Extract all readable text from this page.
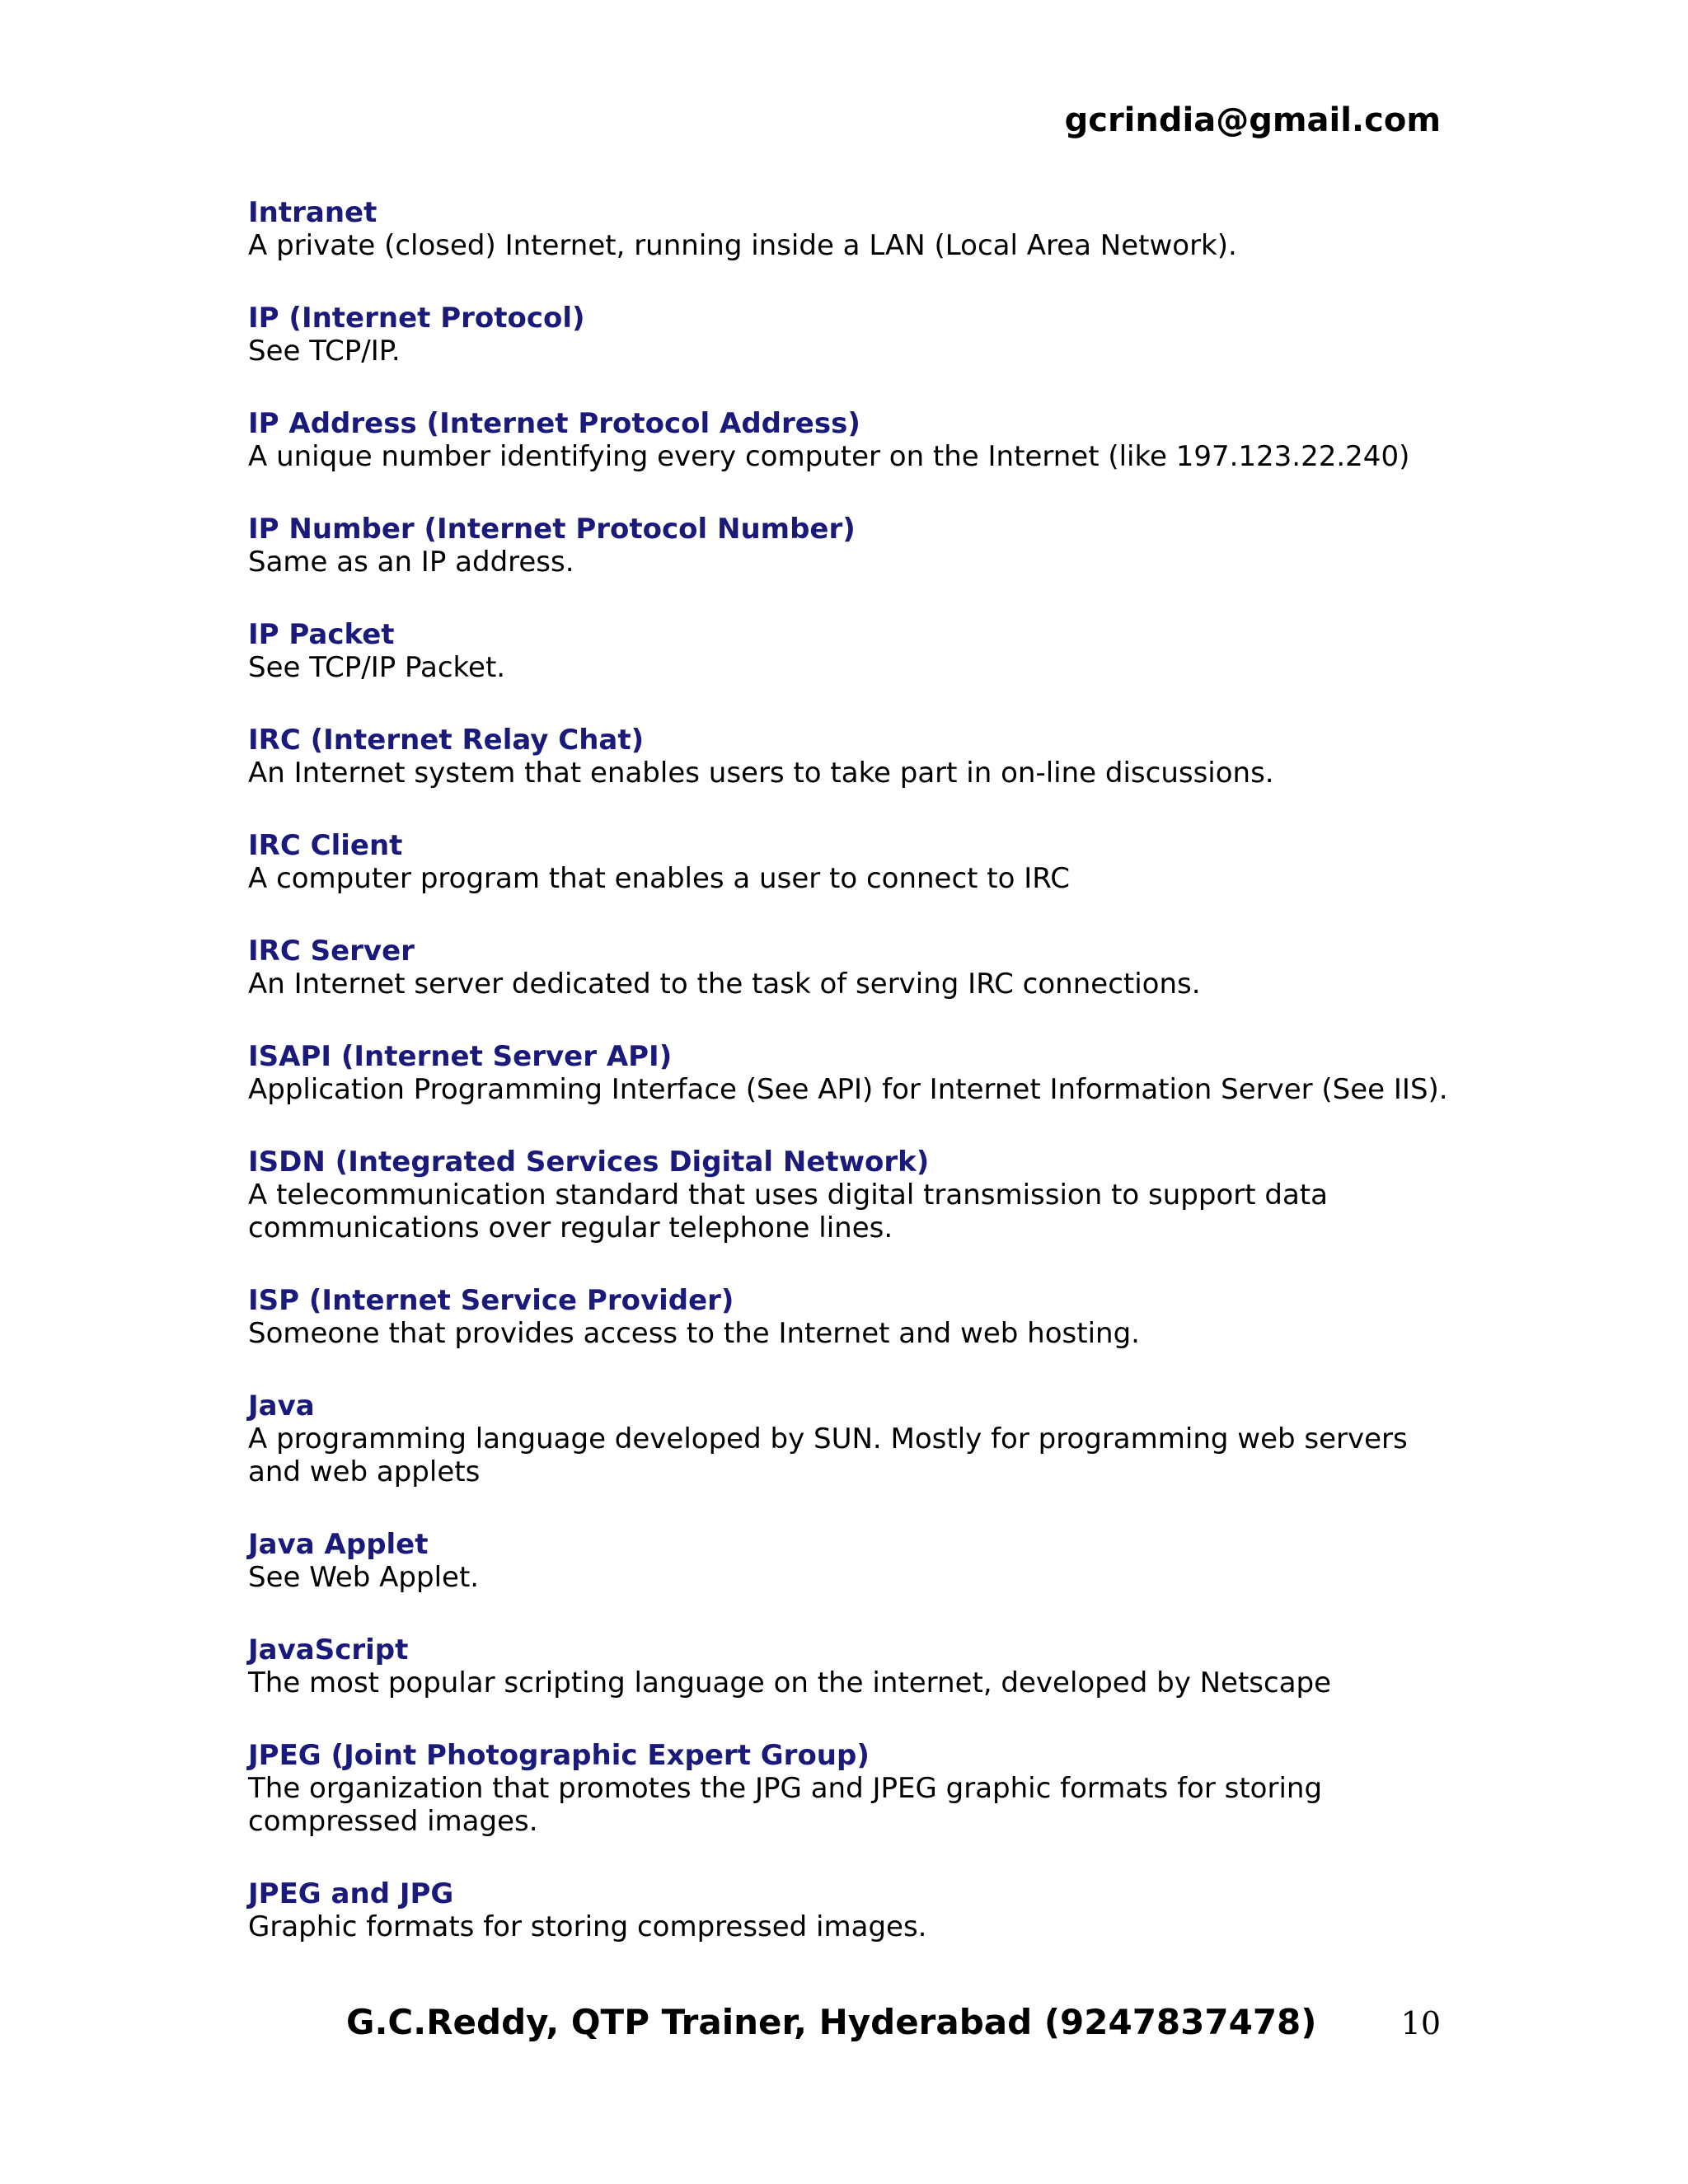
gcrindia@gmail.com
Intranet
A private (closed) Internet, running inside a LAN (Local Area Network).
IP (Internet Protocol)
See TCP/IP.
IP Address (Internet Protocol Address)
A unique number identifying every computer on the Internet (like 197.123.22.240)
IP Number (Internet Protocol Number)
Same as an IP address.
IP Packet
See TCP/IP Packet.
IRC (Internet Relay Chat)
An Internet system that enables users to take part in on-line discussions.
IRC Client
A computer program that enables a user to connect to IRC
IRC Server
An Internet server dedicated to the task of serving IRC connections.
ISAPI (Internet Server API)
Application Programming Interface (See API) for Internet Information Server (See IIS).
ISDN (Integrated Services Digital Network)
A telecommunication standard that uses digital transmission to support data communications over regular telephone lines.
ISP (Internet Service Provider)
Someone that provides access to the Internet and web hosting.
Java
A programming language developed by SUN. Mostly for programming web servers and web applets
Java Applet
See Web Applet.
JavaScript
The most popular scripting language on the internet, developed by Netscape
JPEG (Joint Photographic Expert Group)
The organization that promotes the JPG and JPEG graphic formats for storing compressed images.
JPEG and JPG
Graphic formats for storing compressed images.
G.C.Reddy, QTP Trainer, Hyderabad (9247837478)	10
